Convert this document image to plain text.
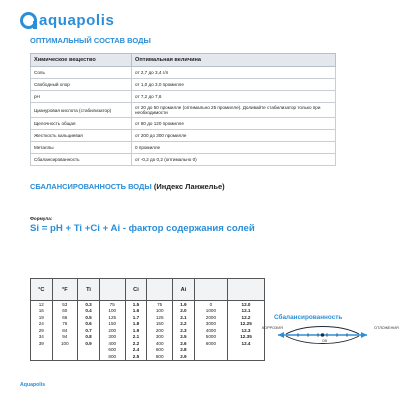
aquapolis
ОПТИМАЛЬНЫЙ СОСТАВ ВОДЫ
Химическое вещество	Оптимальная величина
Соль	от 2,7 до 3,4 г/л
Свободный хлор	от 1,0 до 3,0 промилле
pH	от 7,2 до 7,6
Циануровая кислота (стабилизатор)	от 20 до 50 промилле (оптимально 25 промилле). Доливайте стабилизатор только при необходимости
Щелочность общая	от 80 до 120 промилле
Жесткость кальциевая	от 200 до 300 промилле
Металлы	0 промилле
Сбалансированность	от -0,2 до 0,2 (оптимально 0)
СБАЛАНСИРОВАННОСТЬ ВОДЫ (Индекс Ланжелье)
Формула:
Si = pH + Ti +Ci + Ai - фактор содержания солей
°C	°F	Ti		Ci		Ai		
12	53	0.3	75	1.5	75	1.9	0	12.0
16	60	0.4	100	1.6	100	2.0	1000	12.1
19	66	0.5	125	1.7	125	2.1	2000	12.2
24	76	0.6	150	1.8	150	2.2	3000	12.25
29	84	0.7	200	1.9	200	2.3	4000	12.3
34	94	0.8	300	2.1	300	2.5	5000	12.35
39	100	0.9	400	2.2	400	2.6	6000	12.4
			600	2.4	600	2.8		
			800	2.5	800	2.9		
Сбалансированность
КОРРОЗИЯ	ОТЛОЖЕНИЯ
ОК
Aquapolis
